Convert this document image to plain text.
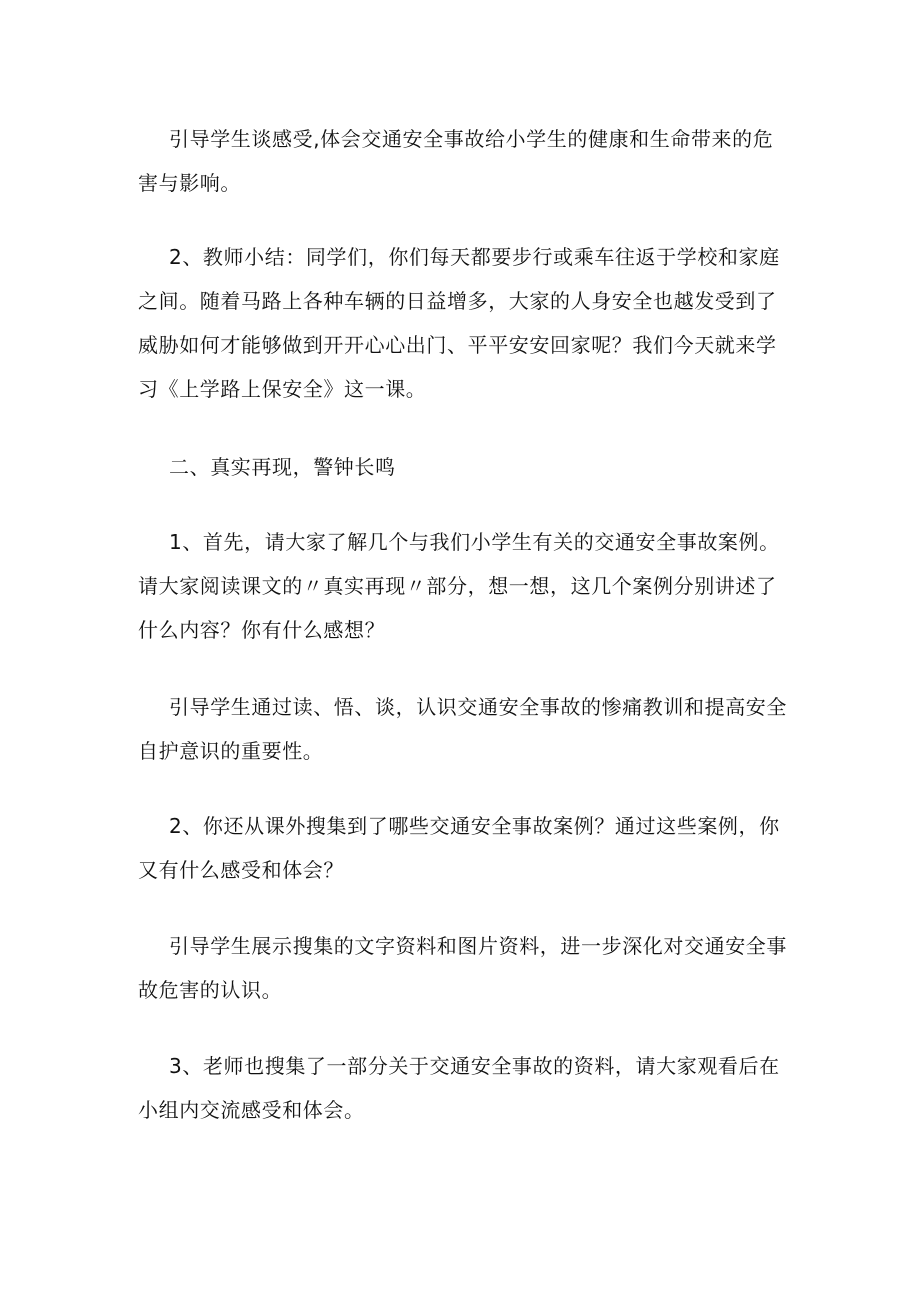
引导学生谈感受,体会交通安全事故给小学生的健康和生命带来的危害与影响。

2、教师小结：同学们，你们每天都要步行或乘车往返于学校和家庭之间。随着马路上各种车辆的日益增多，大家的人身安全也越发受到了威胁如何才能够做到开开心心出门、平平安安回家呢？我们今天就来学习《上学路上保安全》这一课。

二、真实再现，警钟长鸣

1、首先，请大家了解几个与我们小学生有关的交通安全事故案例。请大家阅读课文的〃真实再现〃部分，想一想，这几个案例分别讲述了什么内容？你有什么感想？

引导学生通过读、悟、谈，认识交通安全事故的惨痛教训和提高安全自护意识的重要性。

2、你还从课外搜集到了哪些交通安全事故案例？通过这些案例，你又有什么感受和体会？

引导学生展示搜集的文字资料和图片资料，进一步深化对交通安全事故危害的认识。

3、老师也搜集了一部分关于交通安全事故的资料，请大家观看后在小组内交流感受和体会。
